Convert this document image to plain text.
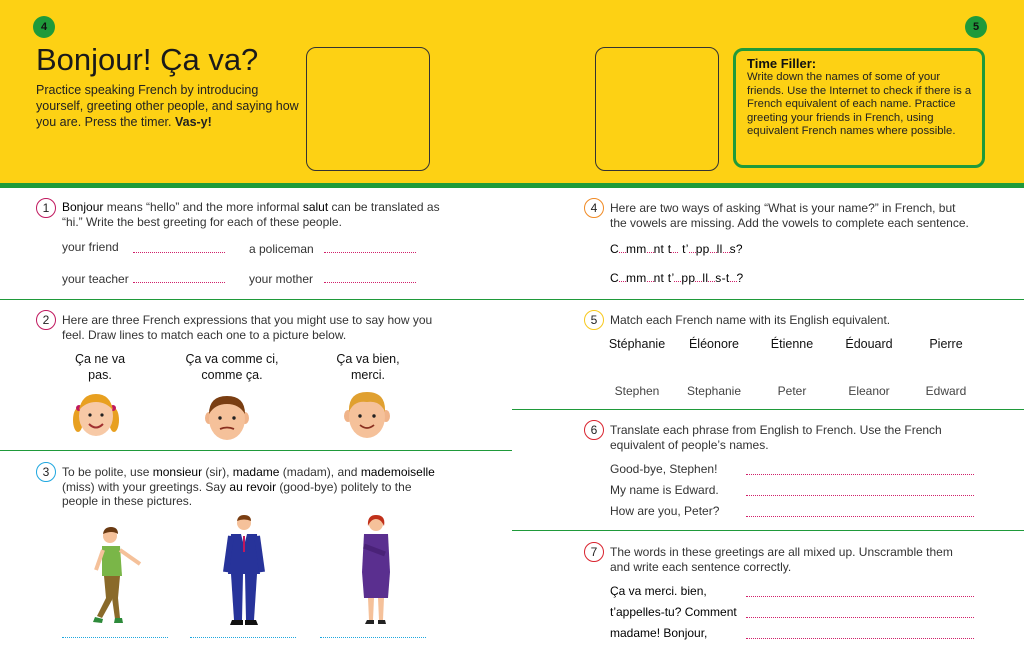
4	5
Bonjour! Ça va?
Practice speaking French by introducing yourself, greeting other people, and saying how you are. Press the timer. Vas-y!
Time Filler:
Write down the names of some of your friends. Use the Internet to check if there is a French equivalent of each name. Practice greeting your friends in French, using equivalent French names where possible.
1	Bonjour means “hello” and the more informal salut can be translated as “hi.” Write the best greeting for each of these people.
your friend	a policeman
your teacher	your mother
2	Here are three French expressions that you might use to say how you feel. Draw lines to match each one to a picture below.
Ça ne va
pas.
Ça va comme ci,
comme ça.
Ça va bien,
merci.
3	To be polite, use monsieur (sir), madame (madam), and mademoiselle (miss) with your greetings. Say au revoir (good-bye) politely to the people in these pictures.
4	Here are two ways of asking “What is your name?” in French, but the vowels are missing. Add the vowels to complete each sentence.
C mm nt t t’ pp ll s?
C mm nt t’ pp ll s-t ?
5	Match each French name with its English equivalent.
Stéphanie	Éléonore	Étienne	Édouard	Pierre
Stephen	Stephanie	Peter	Eleanor	Edward
6	Translate each phrase from English to French. Use the French equivalent of people’s names.
Good-bye, Stephen!
My name is Edward.
How are you, Peter?
7	The words in these greetings are all mixed up. Unscramble them and write each sentence correctly.
Ça va merci. bien,
t’appelles-tu? Comment
madame! Bonjour,
